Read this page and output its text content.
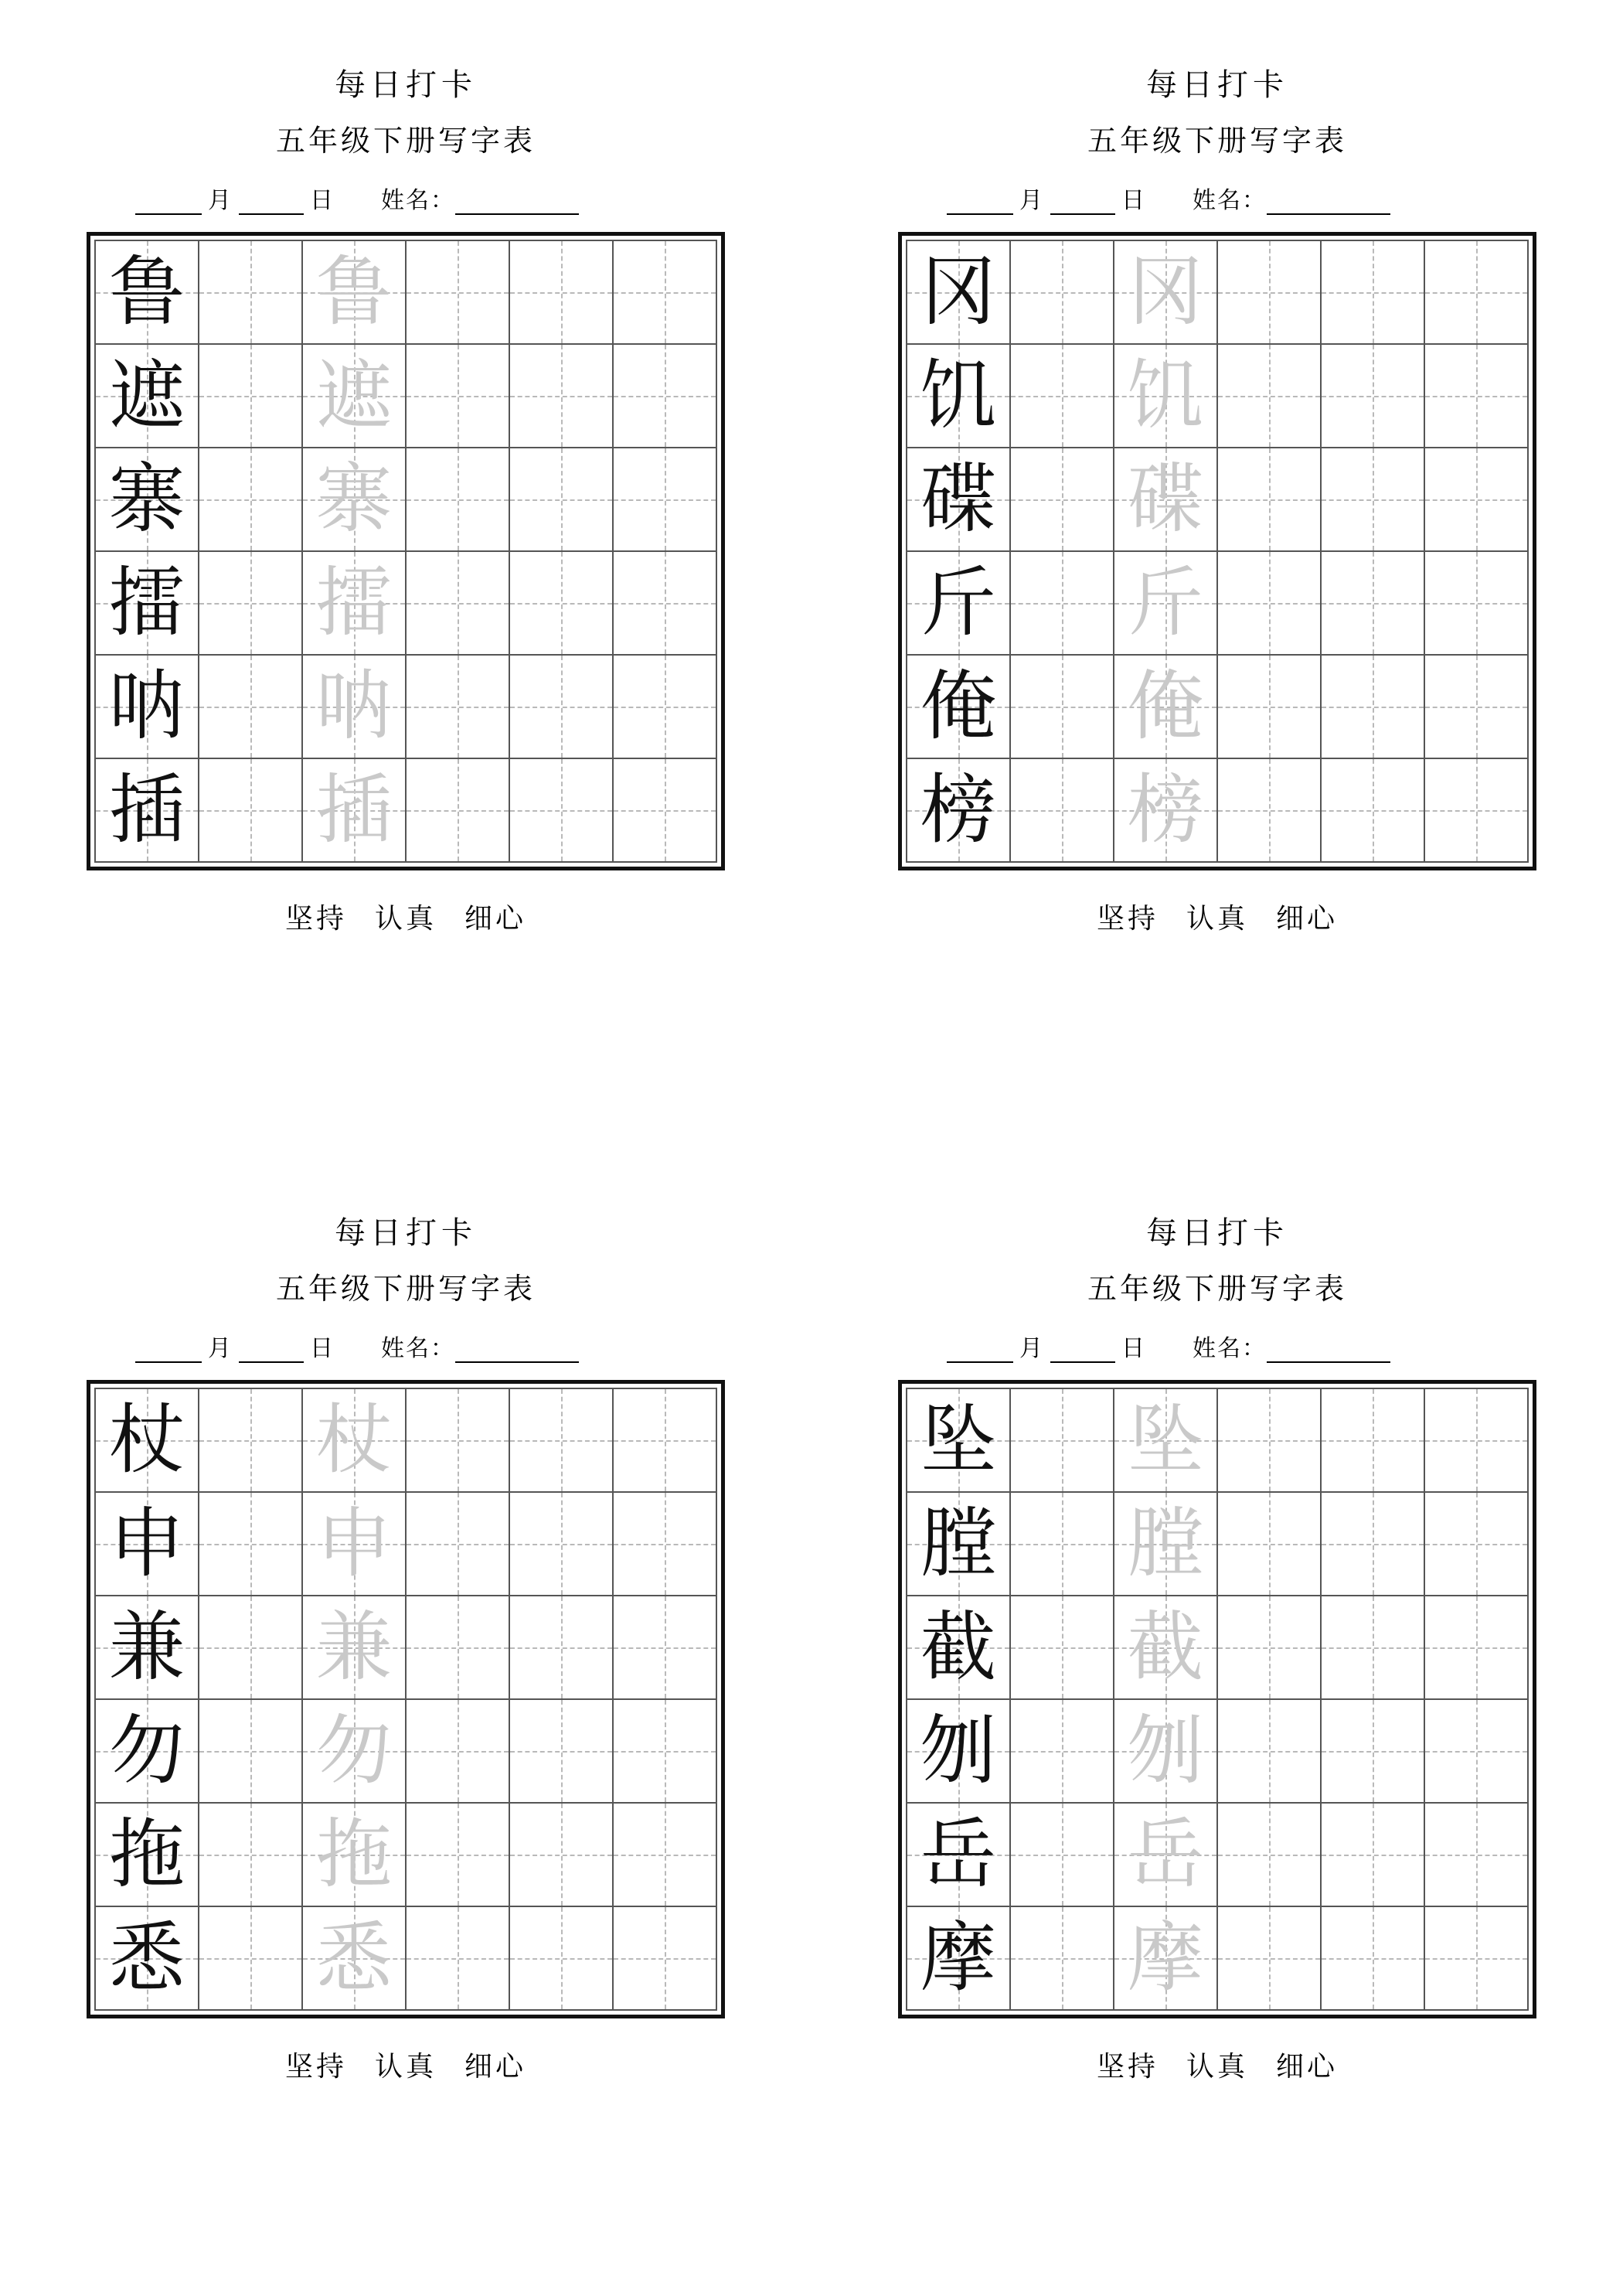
每日打卡
五年级下册写字表
月	日	姓名：
鲁 鲁
遮 遮
寨 寨
擂 擂
呐 呐
插 插
坚持 认真 细心
每日打卡
五年级下册写字表
月	日	姓名：
冈 冈
饥 饥
碟 碟
斤 斤
俺 俺
榜 榜
坚持 认真 细心
每日打卡
五年级下册写字表
月	日	姓名：
杖 杖
申 申
兼 兼
勿 勿
拖 拖
悉 悉
坚持 认真 细心
每日打卡
五年级下册写字表
月	日	姓名：
坠 坠
膛 膛
截 截
刎 刎
岳 岳
摩 摩
坚持 认真 细心
